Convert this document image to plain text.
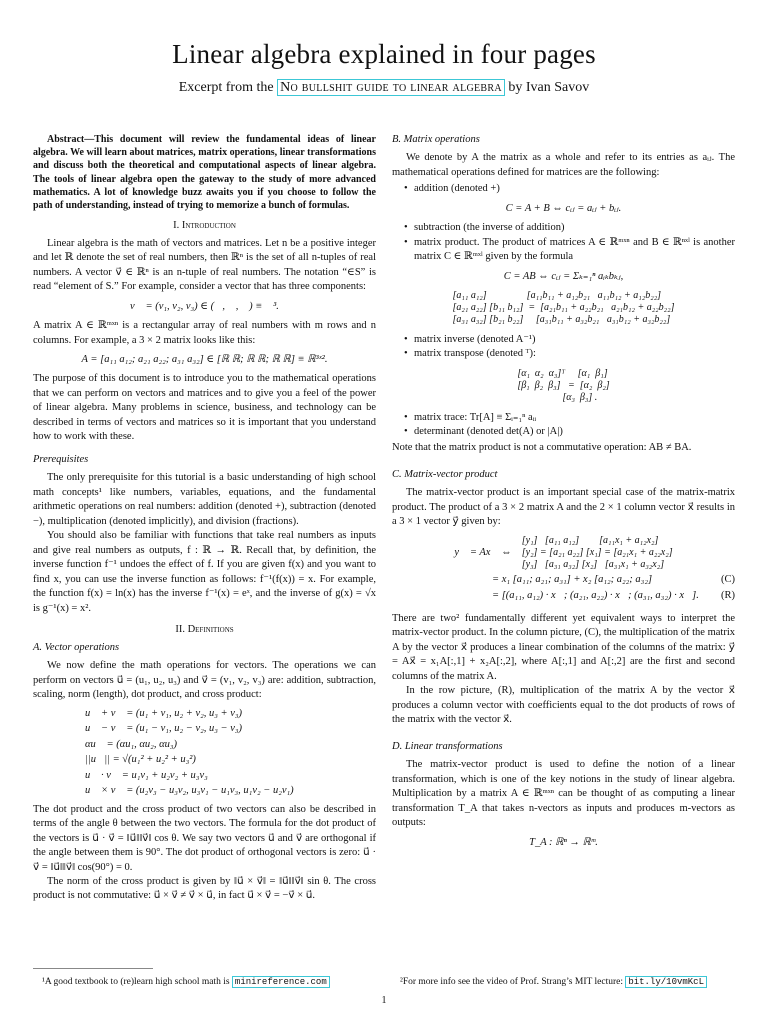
Linear algebra explained in four pages
Excerpt from the No bullshit guide to linear algebra by Ivan Savov

Abstract—This document will review the fundamental ideas of linear algebra. We will learn about matrices, matrix operations, linear transformations and discuss both the theoretical and computational aspects of linear algebra. The tools of linear algebra open the gateway to the study of more advanced mathematics. A lot of knowledge buzz awaits you if you choose to follow the path of understanding, instead of trying to memorize a bunch of formulas.

I. Introduction

Linear algebra is the math of vectors and matrices. Let n be a positive integer and let ℝ denote the set of real numbers, then ℝⁿ is the set of all n-tuples of real numbers. A vector v⃗ ∈ ℝⁿ is an n-tuple of real numbers. The notation “∈S” is read “element of S.” For example, consider a vector that has three components:

v⃗ = (v₁, v₂, v₃) ∈ (ℝ, ℝ, ℝ) ≡ ℝ³.

A matrix A ∈ ℝᵐˣⁿ is a rectangular array of real numbers with m rows and n columns. For example, a 3 × 2 matrix looks like this:

A = [a₁₁ a₁₂; a₂₁ a₂₂; a₃₁ a₃₂] ∈ [ℝ ℝ; ℝ ℝ; ℝ ℝ] ≡ ℝ³ˣ².

The purpose of this document is to introduce you to the mathematical operations that we can perform on vectors and matrices and to give you a feel of the power of linear algebra. Many problems in science, business, and technology can be described in terms of vectors and matrices so it is important that you understand how to work with these.

Prerequisites

The only prerequisite for this tutorial is a basic understanding of high school math concepts¹ like numbers, variables, equations, and the fundamental arithmetic operations on real numbers: addition (denoted +), subtraction (denoted −), multiplication (denoted implicitly), and division (fractions).

You should also be familiar with functions that take real numbers as inputs and give real numbers as outputs, f : ℝ → ℝ. Recall that, by definition, the inverse function f⁻¹ undoes the effect of f. If you are given f(x) and you want to find x, you can use the inverse function as follows: f⁻¹(f(x)) = x. For example, the function f(x) = ln(x) has the inverse f⁻¹(x) = eˣ, and the inverse of g(x) = √x is g⁻¹(x) = x².

II. Definitions
A. Vector operations

We now define the math operations for vectors. The operations we can perform on vectors u⃗ = (u₁, u₂, u₃) and v⃗ = (v₁, v₂, v₃) are: addition, subtraction, scaling, norm (length), dot product, and cross product:

u⃗ + v⃗ = (u₁ + v₁, u₂ + v₂, u₃ + v₃)
u⃗ − v⃗ = (u₁ − v₁, u₂ − v₂, u₃ − v₃)
αu⃗ = (αu₁, αu₂, αu₃)
||u⃗|| = √(u₁² + u₂² + u₃²)
u⃗ · v⃗ = u₁v₁ + u₂v₂ + u₃v₃
u⃗ × v⃗ = (u₂v₃ − u₃v₂, u₃v₁ − u₁v₃, u₁v₂ − u₂v₁)

The dot product and the cross product of two vectors can also be described in terms of the angle θ between the two vectors. The formula for the dot product of the vectors is u⃗ · v⃗ = ‖u⃗‖‖v⃗‖ cos θ. We say two vectors u⃗ and v⃗ are orthogonal if the angle between them is 90°. The dot product of orthogonal vectors is zero: u⃗ · v⃗ = ‖u⃗‖‖v⃗‖ cos(90°) = 0.

The norm of the cross product is given by ‖u⃗ × v⃗‖ = ‖u⃗‖‖v⃗‖ sin θ. The cross product is not commutative: u⃗ × v⃗ ≠ v⃗ × u⃗, in fact u⃗ × v⃗ = −v⃗ × u⃗.

B. Matrix operations

We denote by A the matrix as a whole and refer to its entries as aᵢⱼ. The mathematical operations defined for matrices are the following:

• addition (denoted +)
C = A + B ⇔ cᵢⱼ = aᵢⱼ + bᵢⱼ.
• subtraction (the inverse of addition)
• matrix product. The product of matrices A ∈ ℝᵐˣⁿ and B ∈ ℝⁿˣˡ is another matrix C ∈ ℝᵐˣˡ given by the formula
C = AB ⇔ cᵢⱼ = Σₖ₌₁ⁿ aᵢₖbₖⱼ,
[a₁₁ a₁₂]                [a₁₁b₁₁ + a₁₂b₂₁   a₁₁b₁₂ + a₁₂b₂₂]
[a₂₁ a₂₂] [b₁₁ b₁₂]  =  [a₂₁b₁₁ + a₂₂b₂₁   a₂₁b₁₂ + a₂₂b₂₂]
[a₃₁ a₃₂] [b₂₁ b₂₂]     [a₃₁b₁₁ + a₃₂b₂₁   a₃₁b₁₂ + a₃₂b₂₂]
• matrix inverse (denoted A⁻¹)
• matrix transpose (denoted ᵀ):
[α₁  α₂  α₃]ᵀ     [α₁  β₁]
[β₁  β₂  β₃]   =  [α₂  β₂]
[α₃  β₃] .
• matrix trace: Tr[A] ≡ Σᵢ₌₁ⁿ aᵢᵢ
• determinant (denoted det(A) or |A|)

Note that the matrix product is not a commutative operation: AB ≠ BA.

C. Matrix-vector product

The matrix-vector product is an important special case of the matrix-matrix product. The product of a 3 × 2 matrix A and the 2 × 1 column vector x⃗ results in a 3 × 1 vector y⃗ given by:

y⃗ = Ax⃗ ⇔
[y₁]   [a₁₁ a₁₂]        [a₁₁x₁ + a₁₂x₂]
[y₂] = [a₂₁ a₂₂] [x₁] = [a₂₁x₁ + a₂₂x₂]
[y₃]   [a₃₁ a₃₂] [x₂]   [a₃₁x₁ + a₃₂x₂]
= x₁ [a₁₁; a₂₁; a₃₁] + x₂ [a₁₂; a₂₂; a₃₂]	(C)
= [(a₁₁, a₁₂) · x⃗; (a₂₁, a₂₂) · x⃗; (a₃₁, a₃₂) · x⃗]. (R)

There are two² fundamentally different yet equivalent ways to interpret the matrix-vector product. In the column picture, (C), the multiplication of the matrix A by the vector x⃗ produces a linear combination of the columns of the matrix: y⃗ = Ax⃗ = x₁A[:,1] + x₂A[:,2], where A[:,1] and A[:,2] are the first and second columns of the matrix A.

In the row picture, (R), multiplication of the matrix A by the vector x⃗ produces a column vector with coefficients equal to the dot products of rows of the matrix with the vector x⃗.

D. Linear transformations

The matrix-vector product is used to define the notion of a linear transformation, which is one of the key notions in the study of linear algebra. Multiplication by a matrix A ∈ ℝᵐˣⁿ can be thought of as computing a linear transformation T_A that takes n-vectors as inputs and produces m-vectors as outputs:

T_A : ℝⁿ → ℝᵐ.
¹A good textbook to (re)learn high school math is minireference.com	²For more info see the video of Prof. Strang’s MIT lecture: bit.ly/10vmKcL
1
